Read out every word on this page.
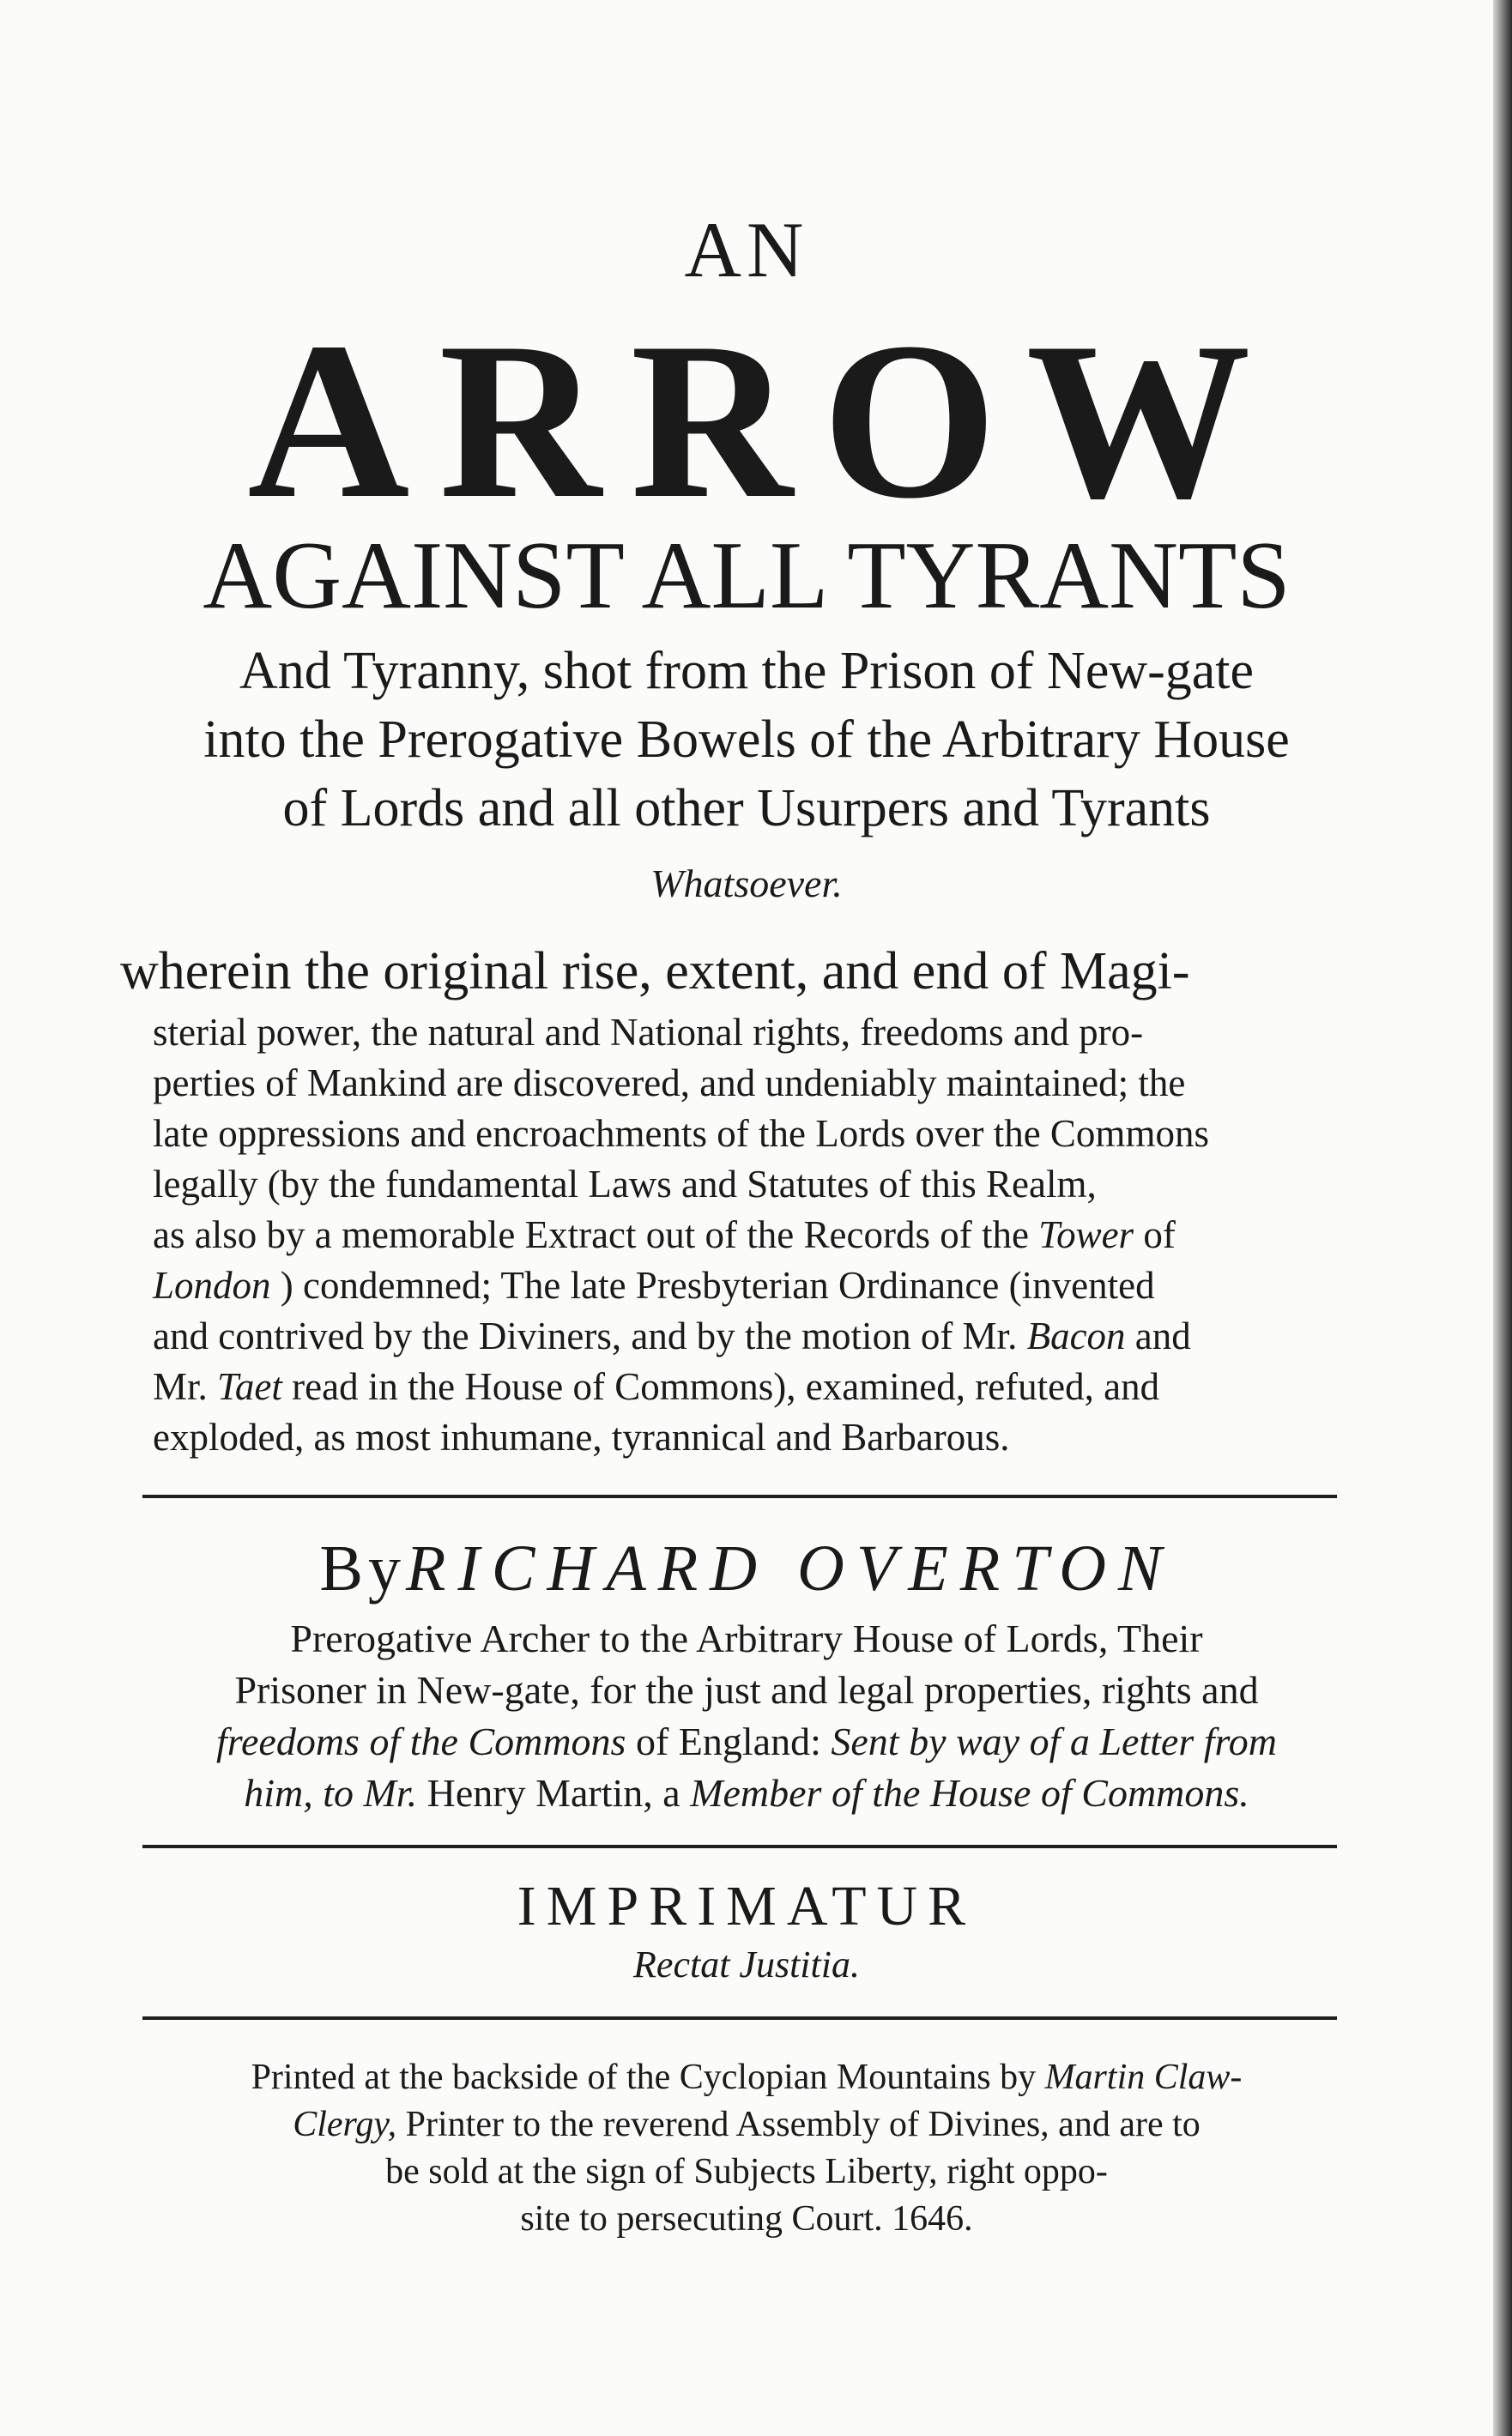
AN
ARROW
AGAINST ALL TYRANTS
And Tyranny, shot from the Prison of New-gate
into the Prerogative Bowels of the Arbitrary House
of Lords and all other Usurpers and Tyrants
Whatsoever.
wherein the original rise, extent, and end of Magi-
sterial power, the natural and National rights, freedoms and pro-
perties of Mankind are discovered, and undeniably maintained; the
late oppressions and encroachments of the Lords over the Commons
legally (by the fundamental Laws and Statutes of this Realm,
as also by a memorable Extract out of the Records of the Tower of
London ) condemned; The late Presbyterian Ordinance (invented
and contrived by the Diviners, and by the motion of Mr. Bacon and
Mr. Taet read in the House of Commons), examined, refuted, and
exploded, as most inhumane, tyrannical and Barbarous.
ByRICHARD OVERTON
Prerogative Archer to the Arbitrary House of Lords, Their
Prisoner in New-gate, for the just and legal properties, rights and
freedoms of the Commons of England: Sent by way of a Letter from
him, to Mr. Henry Martin, a Member of the House of Commons.
IMPRIMATUR
Rectat Justitia.
Printed at the backside of the Cyclopian Mountains by Martin Claw-
Clergy, Printer to the reverend Assembly of Divines, and are to
be sold at the sign of Subjects Liberty, right oppo-
site to persecuting Court. 1646.
